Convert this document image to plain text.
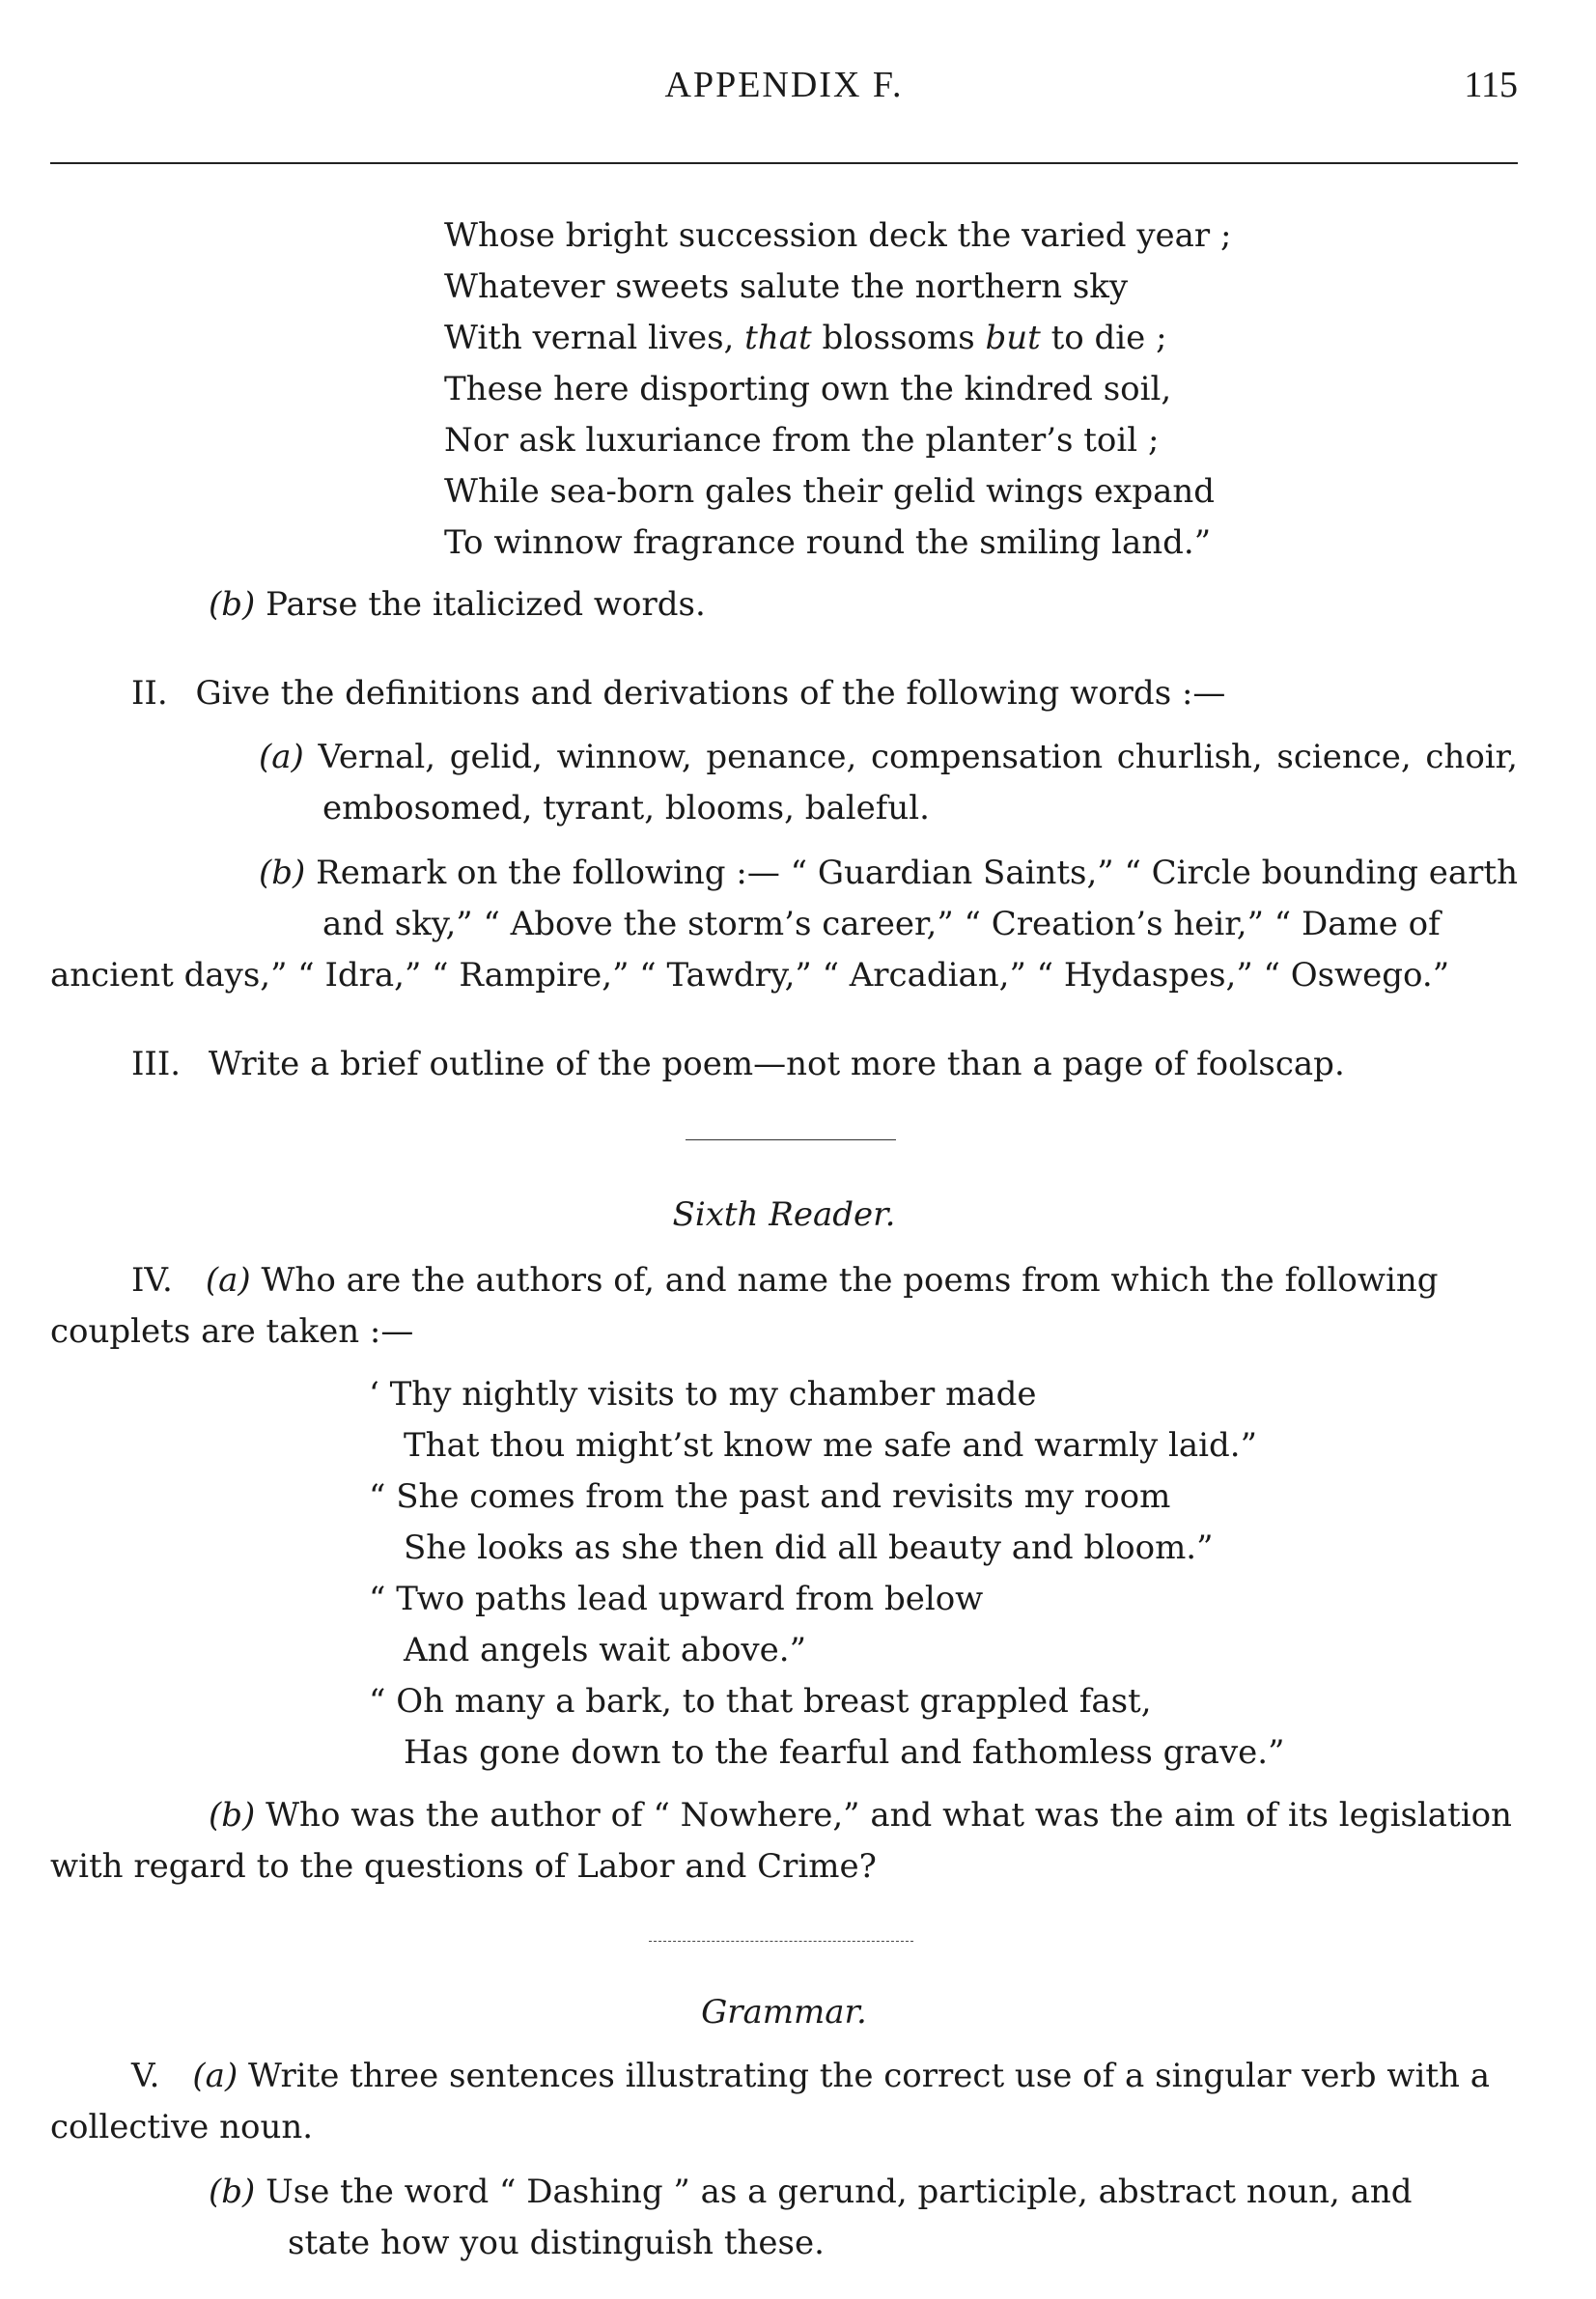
APPENDIX F.	115
Whose bright succession deck the varied year ;
Whatever sweets salute the northern sky
With vernal lives, that blossoms but to die ;
These here disporting own the kindred soil,
Nor ask luxuriance from the planter’s toil ;
While sea-born gales their gelid wings expand
To winnow fragrance round the smiling land.”
(b) Parse the italicized words.
II. Give the definitions and derivations of the following words :—
(a) Vernal, gelid, winnow, penance, compensation churlish, science, choir, embosomed, tyrant, blooms, baleful.
(b) Remark on the following :— “ Guardian Saints,” “ Circle bounding earth and sky,” “ Above the storm’s career,” “ Creation’s heir,” “ Dame of
ancient days,” “ Idra,” “ Rampire,” “ Tawdry,” “ Arcadian,” “ Hydaspes,” “ Oswego.”
III. Write a brief outline of the poem—not more than a page of foolscap.
Sixth Reader.
IV. (a) Who are the authors of, and name the poems from which the following
couplets are taken :—
‘ Thy nightly visits to my chamber made
That thou might’st know me safe and warmly laid.”
“ She comes from the past and revisits my room
She looks as she then did all beauty and bloom.”
“ Two paths lead upward from below
And angels wait above.”
“ Oh many a bark, to that breast grappled fast,
Has gone down to the fearful and fathomless grave.”
(b) Who was the author of “ Nowhere,” and what was the aim of its legislation
with regard to the questions of Labor and Crime?
Grammar.
V. (a) Write three sentences illustrating the correct use of a singular verb with a
collective noun.
(b) Use the word “ Dashing ” as a gerund, participle, abstract noun, and
state how you distinguish these.
